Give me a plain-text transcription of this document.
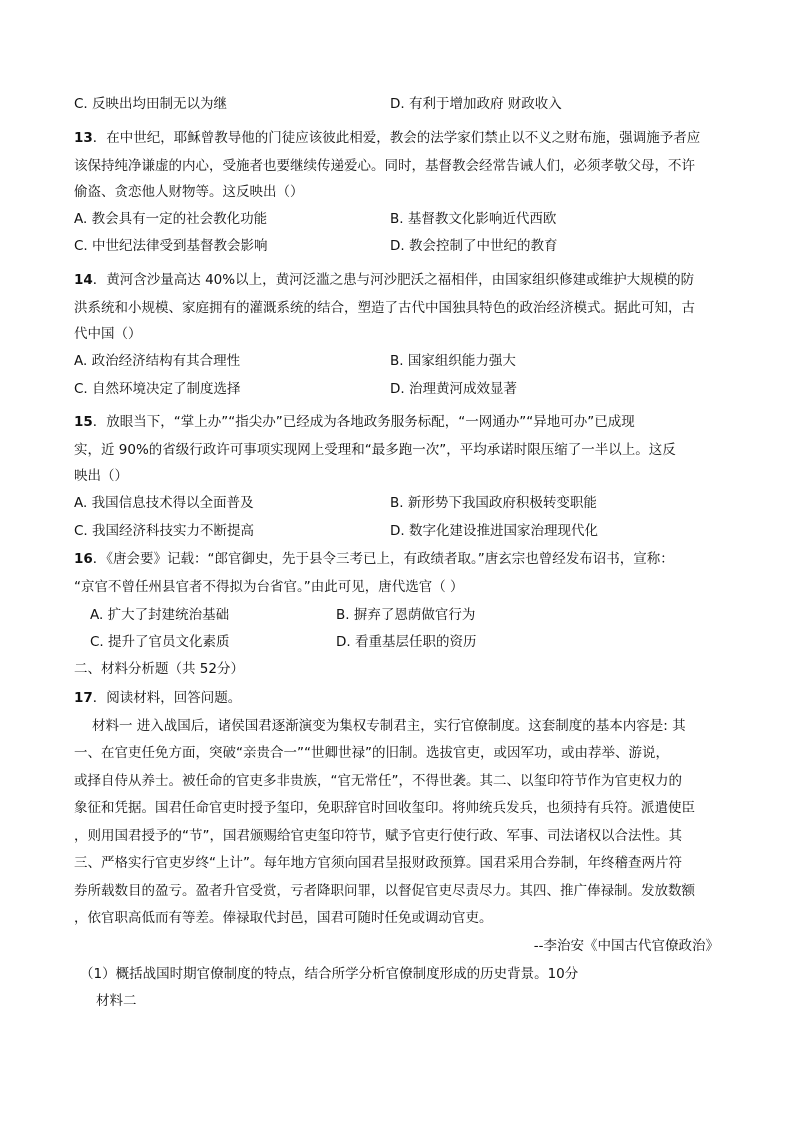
C. 反映出均田制无以为继	D. 有利于增加政府 财政收入
13．在中世纪，耶稣曾教导他的门徒应该彼此相爱，教会的法学家们禁止以不义之财布施，强调施予者应
该保持纯净谦虚的内心，受施者也要继续传递爱心。同时，基督教会经常告诫人们，必须孝敬父母，不许
偷盗、贪恋他人财物等。这反映出（）
A. 教会具有一定的社会教化功能	B. 基督教文化影响近代西欧
C. 中世纪法律受到基督教会影响	D. 教会控制了中世纪的教育
14．黄河含沙量高达 40%以上，黄河泛滥之患与河沙肥沃之福相伴，由国家组织修建或维护大规模的防
洪系统和小规模、家庭拥有的灌溉系统的结合，塑造了古代中国独具特色的政治经济模式。据此可知，古
代中国（）
A. 政治经济结构有其合理性	B. 国家组织能力强大
C. 自然环境决定了制度选择	D. 治理黄河成效显著
15．放眼当下，“掌上办”“指尖办”已经成为各地政务服务标配，“一网通办”“异地可办”已成现
实，近 90%的省级行政许可事项实现网上受理和“最多跑一次”，平均承诺时限压缩了一半以上。这反
映出（）
A. 我国信息技术得以全面普及	B. 新形势下我国政府积极转变职能
C. 我国经济科技实力不断提高	D. 数字化建设推进国家治理现代化
16．《唐会要》记载：“郎官御史，先于县令三考已上，有政绩者取。”唐玄宗也曾经发布诏书，宣称：
“京官不曾任州县官者不得拟为台省官。”由此可见，唐代选官（ ）
A. 扩大了封建统治基础	B. 摒弃了恩荫做官行为
C. 提升了官员文化素质	D. 看重基层任职的资历
二、材料分析题（共 52分）
17．阅读材料，回答问题。
材料一 进入战国后，诸侯国君逐渐演变为集权专制君主，实行官僚制度。这套制度的基本内容是: 其
一、在官吏任免方面，突破“亲贵合一”“世卿世禄”的旧制。选拔官吏，或因军功，或由荐举、游说，
或择自侍从养士。被任命的官吏多非贵族，“官无常任”，不得世袭。其二、以玺印符节作为官吏权力的
象征和凭据。国君任命官吏时授予玺印，免职辞官时回收玺印。将帅统兵发兵，也须持有兵符。派遣使臣
，则用国君授予的“节”，国君颁赐给官吏玺印符节，赋予官吏行使行政、军事、司法诸权以合法性。其
三、严格实行官吏岁终“上计”。每年地方官须向国君呈报财政预算。国君采用合券制，年终稽查两片符
券所载数目的盈亏。盈者升官受赏，亏者降职问罪，以督促官吏尽责尽力。其四、推广俸禄制。发放数额
，依官职高低而有等差。俸禄取代封邑，国君可随时任免或调动官吏。
--李治安《中国古代官僚政治》
（1）概括战国时期官僚制度的特点，结合所学分析官僚制度形成的历史背景。10分
材料二
